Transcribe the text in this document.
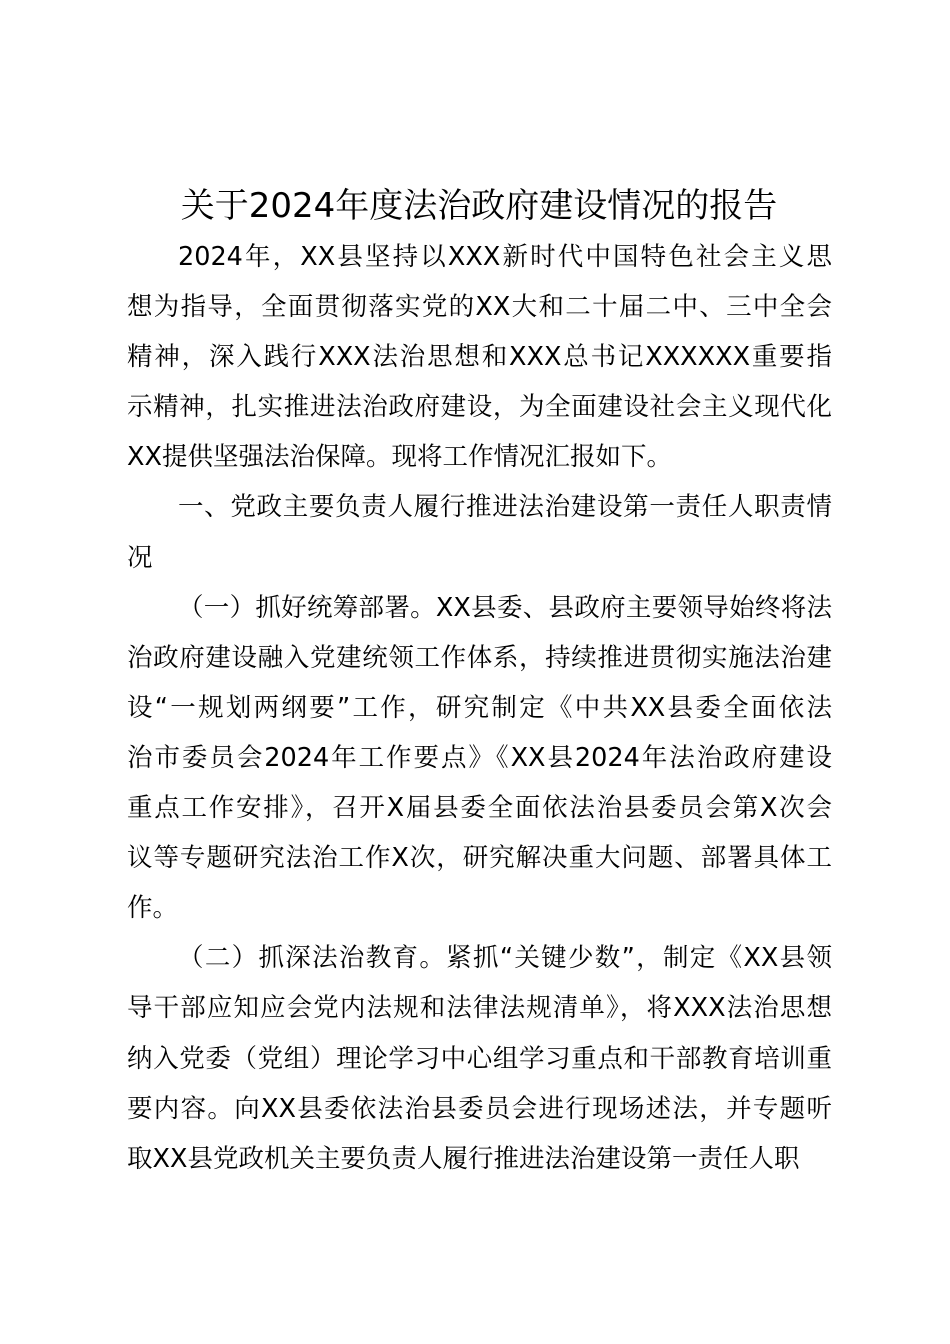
关于2024年度法治政府建设情况的报告
2024年，XX县坚持以XXX新时代中国特色社会主义思
想为指导，全面贯彻落实党的XX大和二十届二中、三中全会
精神，深入践行XXX法治思想和XXX总书记XXXXXX重要指
示精神，扎实推进法治政府建设，为全面建设社会主义现代化
XX提供坚强法治保障。现将工作情况汇报如下。
一、党政主要负责人履行推进法治建设第一责任人职责情
况
（一）抓好统筹部署。XX县委、县政府主要领导始终将法
治政府建设融入党建统领工作体系，持续推进贯彻实施法治建
设“一规划两纲要”工作，研究制定《中共XX县委全面依法
治市委员会2024年工作要点》《XX县2024年法治政府建设
重点工作安排》，召开X届县委全面依法治县委员会第X次会
议等专题研究法治工作X次，研究解决重大问题、部署具体工
作。
（二）抓深法治教育。紧抓“关键少数”，制定《XX县领
导干部应知应会党内法规和法律法规清单》，将XXX法治思想
纳入党委（党组）理论学习中心组学习重点和干部教育培训重
要内容。向XX县委依法治县委员会进行现场述法，并专题听
取XX县党政机关主要负责人履行推进法治建设第一责任人职
